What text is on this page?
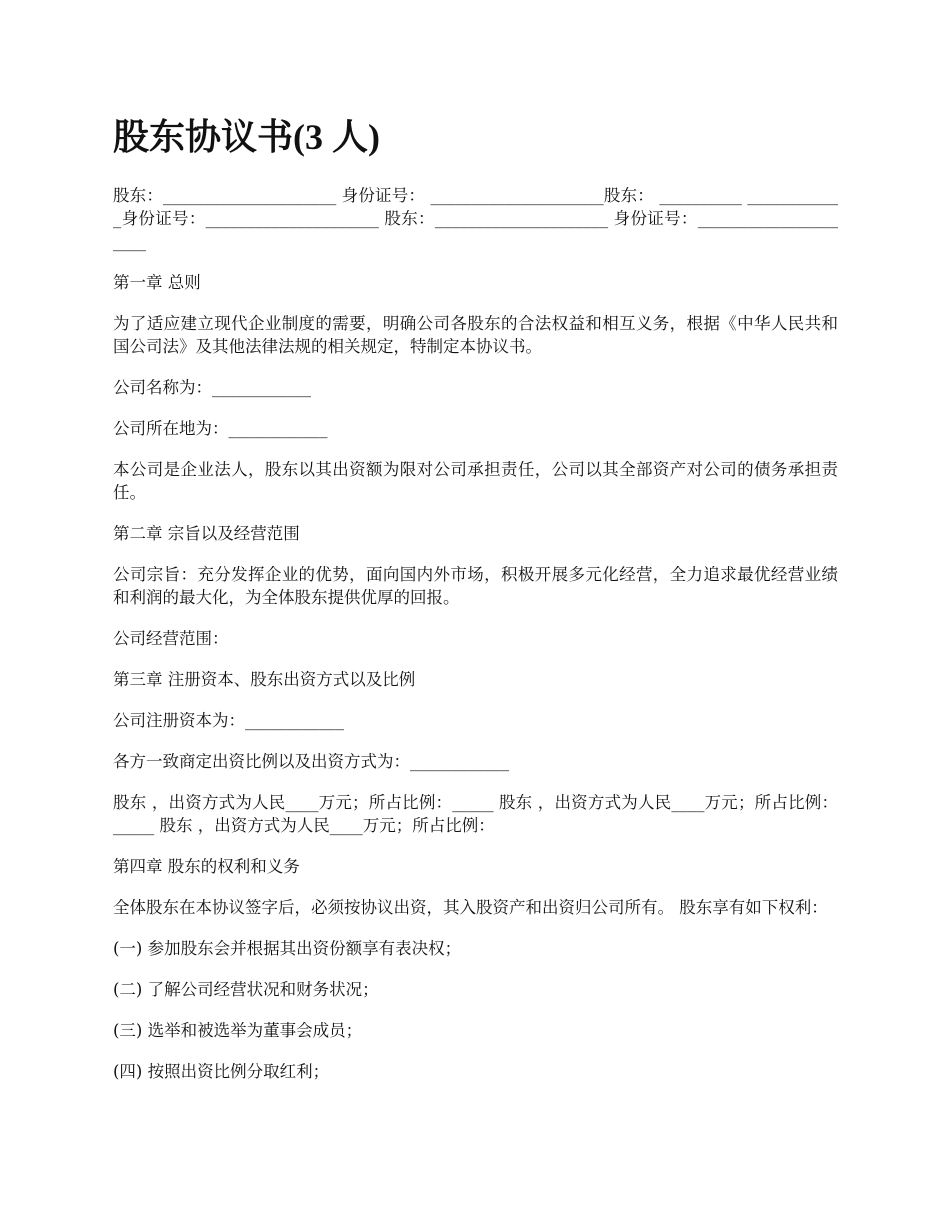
股东协议书(3 人)

股东：_____________________ 身份证号： _____________________股东： __________ ____________身份证号：_____________________ 股东：_____________________ 身份证号：_____________________

第一章 总则

为了适应建立现代企业制度的需要，明确公司各股东的合法权益和相互义务，根据《中华人民共和国公司法》及其他法律法规的相关规定，特制定本协议书。

公司名称为：____________

公司所在地为：____________

本公司是企业法人，股东以其出资额为限对公司承担责任，公司以其全部资产对公司的债务承担责任。

第二章 宗旨以及经营范围

公司宗旨：充分发挥企业的优势，面向国内外市场，积极开展多元化经营，全力追求最优经营业绩和利润的最大化，为全体股东提供优厚的回报。

公司经营范围：

第三章 注册资本、股东出资方式以及比例

公司注册资本为：____________

各方一致商定出资比例以及出资方式为：____________

股东 ，出资方式为人民____万元；所占比例：_____ 股东 ，出资方式为人民____万元；所占比例：_____ 股东 ，出资方式为人民____万元；所占比例：

第四章 股东的权利和义务

全体股东在本协议签字后，必须按协议出资，其入股资产和出资归公司所有。 股东享有如下权利：

(一) 参加股东会并根据其出资份额享有表决权；

(二) 了解公司经营状况和财务状况；

(三) 选举和被选举为董事会成员；

(四) 按照出资比例分取红利；
